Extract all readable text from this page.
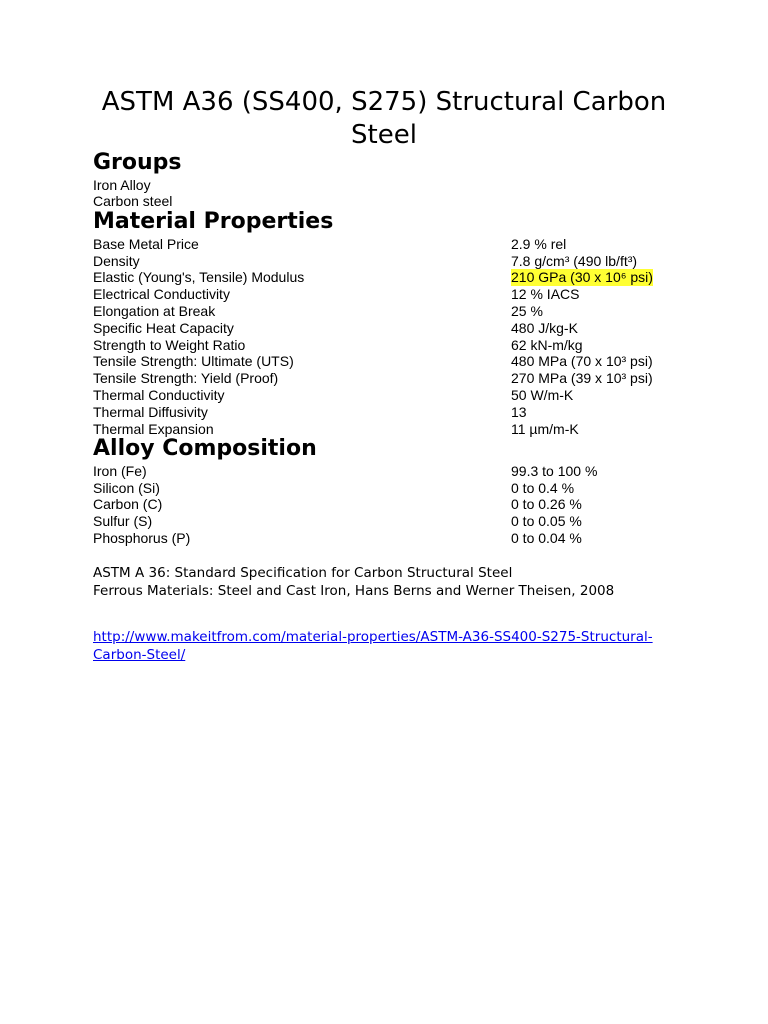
ASTM A36 (SS400, S275) Structural Carbon Steel
Groups
Iron Alloy
Carbon steel
Material Properties
Base Metal Price	2.9 % rel
Density	7.8 g/cm³ (490 lb/ft³)
Elastic (Young's, Tensile) Modulus	210 GPa (30 x 10⁶ psi)
Electrical Conductivity	12 % IACS
Elongation at Break	25 %
Specific Heat Capacity	480 J/kg-K
Strength to Weight Ratio	62 kN-m/kg
Tensile Strength: Ultimate (UTS)	480 MPa (70 x 10³ psi)
Tensile Strength: Yield (Proof)	270 MPa (39 x 10³ psi)
Thermal Conductivity	50 W/m-K
Thermal Diffusivity	13
Thermal Expansion	11 µm/m-K
Alloy Composition
Iron (Fe)	99.3 to 100 %
Silicon (Si)	0 to 0.4 %
Carbon (C)	0 to 0.26 %
Sulfur (S)	0 to 0.05 %
Phosphorus (P)	0 to 0.04 %
ASTM A 36: Standard Specification for Carbon Structural Steel
Ferrous Materials: Steel and Cast Iron, Hans Berns and Werner Theisen, 2008
http://www.makeitfrom.com/material-properties/ASTM-A36-SS400-S275-Structural-Carbon-Steel/
